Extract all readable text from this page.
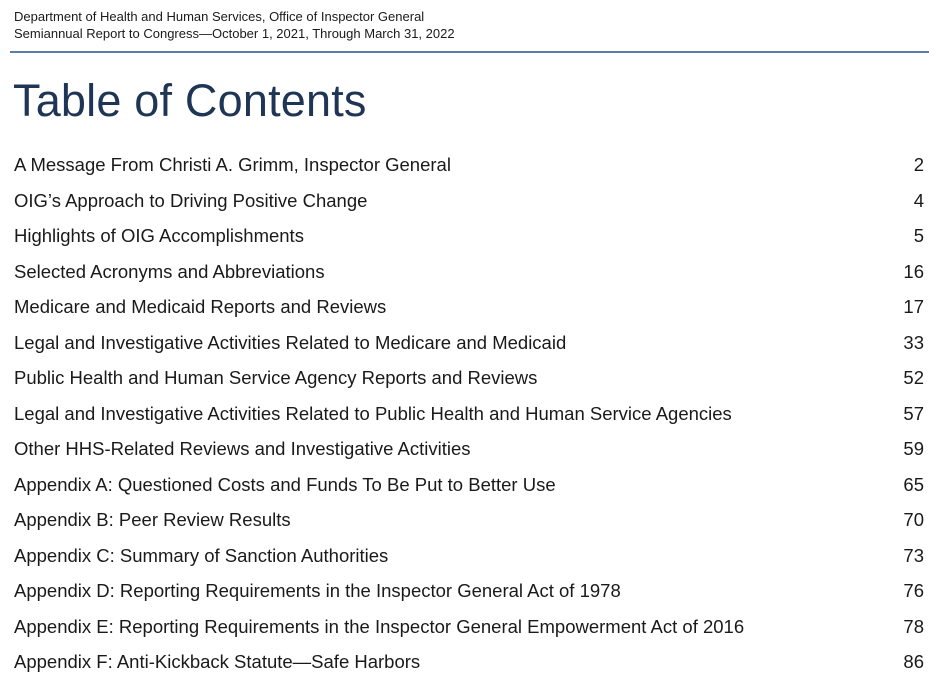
Department of Health and Human Services, Office of Inspector General
Semiannual Report to Congress—October 1, 2021, Through March 31, 2022
Table of Contents
A Message From Christi A. Grimm, Inspector General	2
OIG’s Approach to Driving Positive Change	4
Highlights of OIG Accomplishments	5
Selected Acronyms and Abbreviations	16
Medicare and Medicaid Reports and Reviews	17
Legal and Investigative Activities Related to Medicare and Medicaid	33
Public Health and Human Service Agency Reports and Reviews	52
Legal and Investigative Activities Related to Public Health and Human Service Agencies	57
Other HHS-Related Reviews and Investigative Activities	59
Appendix A: Questioned Costs and Funds To Be Put to Better Use	65
Appendix B: Peer Review Results	70
Appendix C: Summary of Sanction Authorities	73
Appendix D: Reporting Requirements in the Inspector General Act of 1978	76
Appendix E: Reporting Requirements in the Inspector General Empowerment Act of 2016	78
Appendix F: Anti-Kickback Statute—Safe Harbors	86
